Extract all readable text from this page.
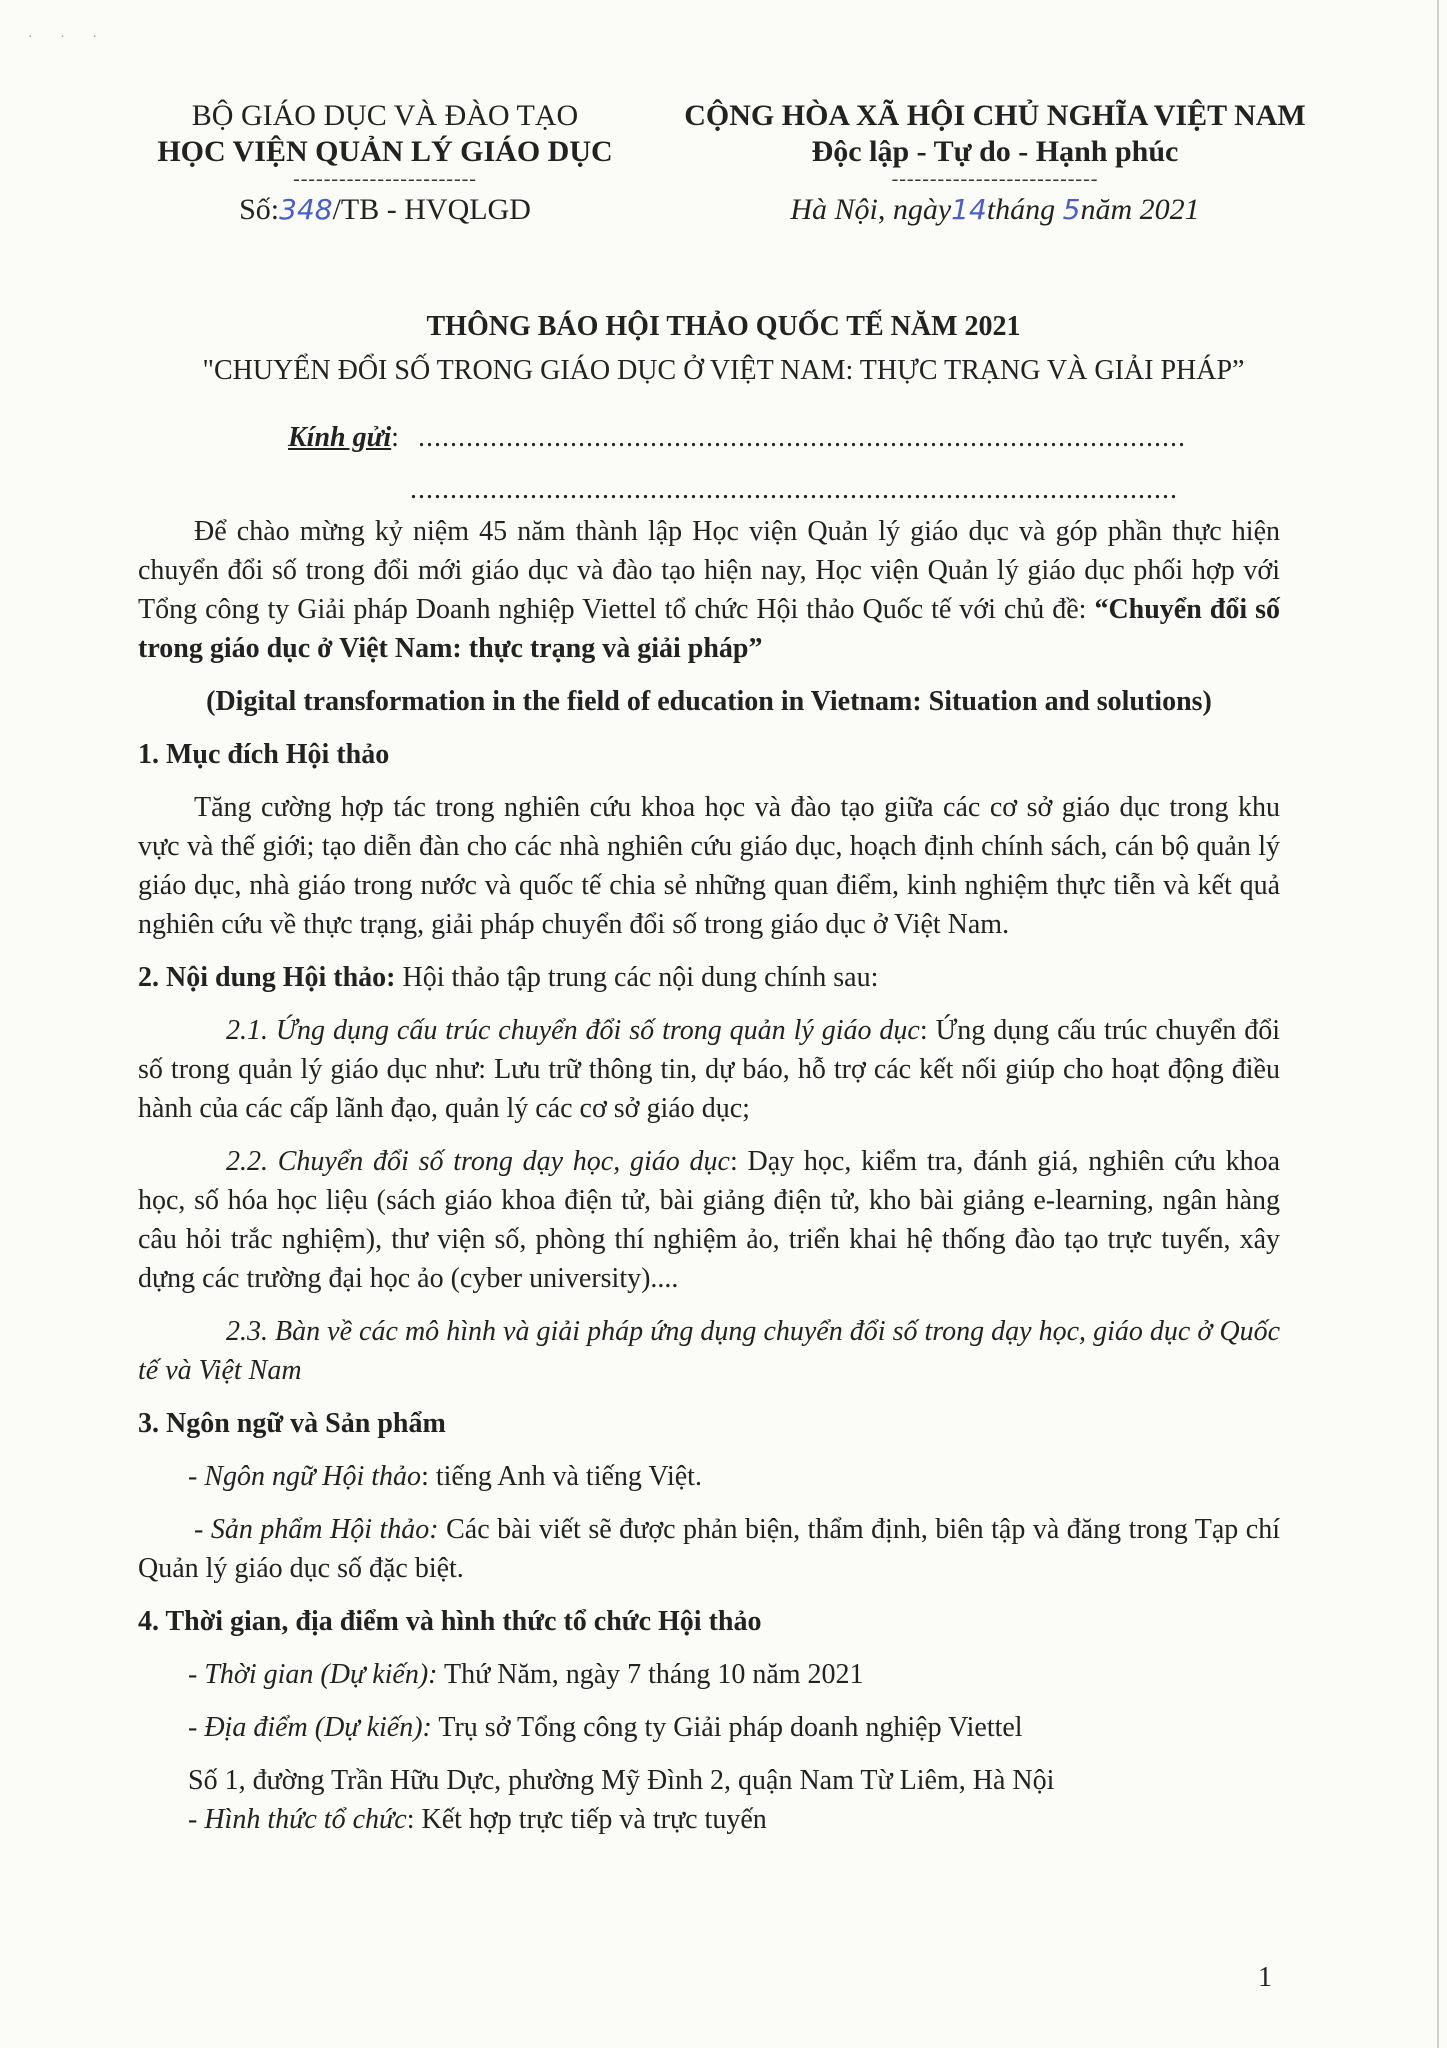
· · ·
BỘ GIÁO DỤC VÀ ĐÀO TẠO
HỌC VIỆN QUẢN LÝ GIÁO DỤC
------------------------
Số:348/TB - HVQLGD
CỘNG HÒA XÃ HỘI CHỦ NGHĨA VIỆT NAM
Độc lập - Tự do - Hạnh phúc
---------------------------
Hà Nội, ngày14tháng 5năm 2021
THÔNG BÁO HỘI THẢO QUỐC TẾ NĂM 2021
"CHUYỂN ĐỔI SỐ TRONG GIÁO DỤC Ở VIỆT NAM: THỰC TRẠNG VÀ GIẢI PHÁP”
Kính gửi: ................................................................................................
................................................................................................

Để chào mừng kỷ niệm 45 năm thành lập Học viện Quản lý giáo dục và góp phần thực hiện chuyển đổi số trong đổi mới giáo dục và đào tạo hiện nay, Học viện Quản lý giáo dục phối hợp với Tổng công ty Giải pháp Doanh nghiệp Viettel tổ chức Hội thảo Quốc tế với chủ đề: “Chuyển đổi số trong giáo dục ở Việt Nam: thực trạng và giải pháp”

(Digital transformation in the field of education in Vietnam: Situation and solutions)

1. Mục đích Hội thảo

Tăng cường hợp tác trong nghiên cứu khoa học và đào tạo giữa các cơ sở giáo dục trong khu vực và thế giới; tạo diễn đàn cho các nhà nghiên cứu giáo dục, hoạch định chính sách, cán bộ quản lý giáo dục, nhà giáo trong nước và quốc tế chia sẻ những quan điểm, kinh nghiệm thực tiễn và kết quả nghiên cứu về thực trạng, giải pháp chuyển đổi số trong giáo dục ở Việt Nam.

2. Nội dung Hội thảo: Hội thảo tập trung các nội dung chính sau:

2.1. Ứng dụng cấu trúc chuyển đổi số trong quản lý giáo dục: Ứng dụng cấu trúc chuyển đổi số trong quản lý giáo dục như: Lưu trữ thông tin, dự báo, hỗ trợ các kết nối giúp cho hoạt động điều hành của các cấp lãnh đạo, quản lý các cơ sở giáo dục;

2.2. Chuyển đổi số trong dạy học, giáo dục: Dạy học, kiểm tra, đánh giá, nghiên cứu khoa học, số hóa học liệu (sách giáo khoa điện tử, bài giảng điện tử, kho bài giảng e-learning, ngân hàng câu hỏi trắc nghiệm), thư viện số, phòng thí nghiệm ảo, triển khai hệ thống đào tạo trực tuyến, xây dựng các trường đại học ảo (cyber university)....

2.3. Bàn về các mô hình và giải pháp ứng dụng chuyển đổi số trong dạy học, giáo dục ở Quốc tế và Việt Nam

3. Ngôn ngữ và Sản phẩm

- Ngôn ngữ Hội thảo: tiếng Anh và tiếng Việt.

- Sản phẩm Hội thảo: Các bài viết sẽ được phản biện, thẩm định, biên tập và đăng trong Tạp chí Quản lý giáo dục số đặc biệt.

4. Thời gian, địa điểm và hình thức tổ chức Hội thảo

- Thời gian (Dự kiến): Thứ Năm, ngày 7 tháng 10 năm 2021

- Địa điểm (Dự kiến): Trụ sở Tổng công ty Giải pháp doanh nghiệp Viettel

Số 1, đường Trần Hữu Dực, phường Mỹ Đình 2, quận Nam Từ Liêm, Hà Nội

- Hình thức tổ chức: Kết hợp trực tiếp và trực tuyến

1
